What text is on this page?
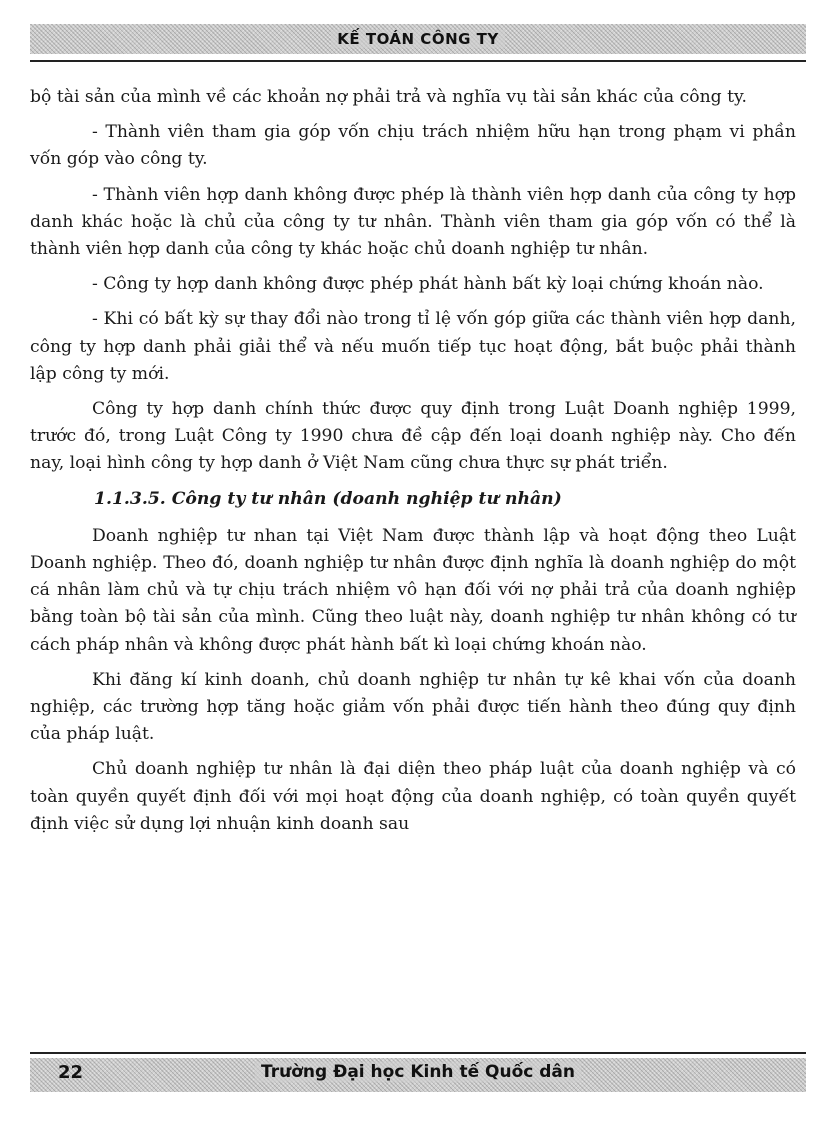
KẾ TOÁN CÔNG TY

bộ tài sản của mình về các khoản nợ phải trả và nghĩa vụ tài sản khác của công ty.

- Thành viên tham gia góp vốn chịu trách nhiệm hữu hạn trong phạm vi phần vốn góp vào công ty.

- Thành viên hợp danh không được phép là thành viên hợp danh của công ty hợp danh khác hoặc là chủ của công ty tư nhân. Thành viên tham gia góp vốn có thể là thành viên hợp danh của công ty khác hoặc chủ doanh nghiệp tư nhân.

- Công ty hợp danh không được phép phát hành bất kỳ loại chứng khoán nào.

- Khi có bất kỳ sự thay đổi nào trong tỉ lệ vốn góp giữa các thành viên hợp danh, công ty hợp danh phải giải thể và nếu muốn tiếp tục hoạt động, bắt buộc phải thành lập công ty mới.

Công ty hợp danh chính thức được quy định trong Luật Doanh nghiệp 1999, trước đó, trong Luật Công ty 1990 chưa đề cập đến loại doanh nghiệp này. Cho đến nay, loại hình công ty hợp danh ở Việt Nam cũng chưa thực sự phát triển.

1.1.3.5. Công ty tư nhân (doanh nghiệp tư nhân)

Doanh nghiệp tư nhan tại Việt Nam được thành lập và hoạt động theo Luật Doanh nghiệp. Theo đó, doanh nghiệp tư nhân được định nghĩa là doanh nghiệp do một cá nhân làm chủ và tự chịu trách nhiệm vô hạn đối với nợ phải trả của doanh nghiệp bằng toàn bộ tài sản của mình. Cũng theo luật này, doanh nghiệp tư nhân không có tư cách pháp nhân và không được phát hành bất kì loại chứng khoán nào.

Khi đăng kí kinh doanh, chủ doanh nghiệp tư nhân tự kê khai vốn của doanh nghiệp, các trường hợp tăng hoặc giảm vốn phải được tiến hành theo đúng quy định của pháp luật.

Chủ doanh nghiệp tư nhân là đại diện theo pháp luật của doanh nghiệp và có toàn quyền quyết định đối với mọi hoạt động của doanh nghiệp, có toàn quyền quyết định việc sử dụng lợi nhuận kinh doanh sau

22	Trường Đại học Kinh tế Quốc dân
